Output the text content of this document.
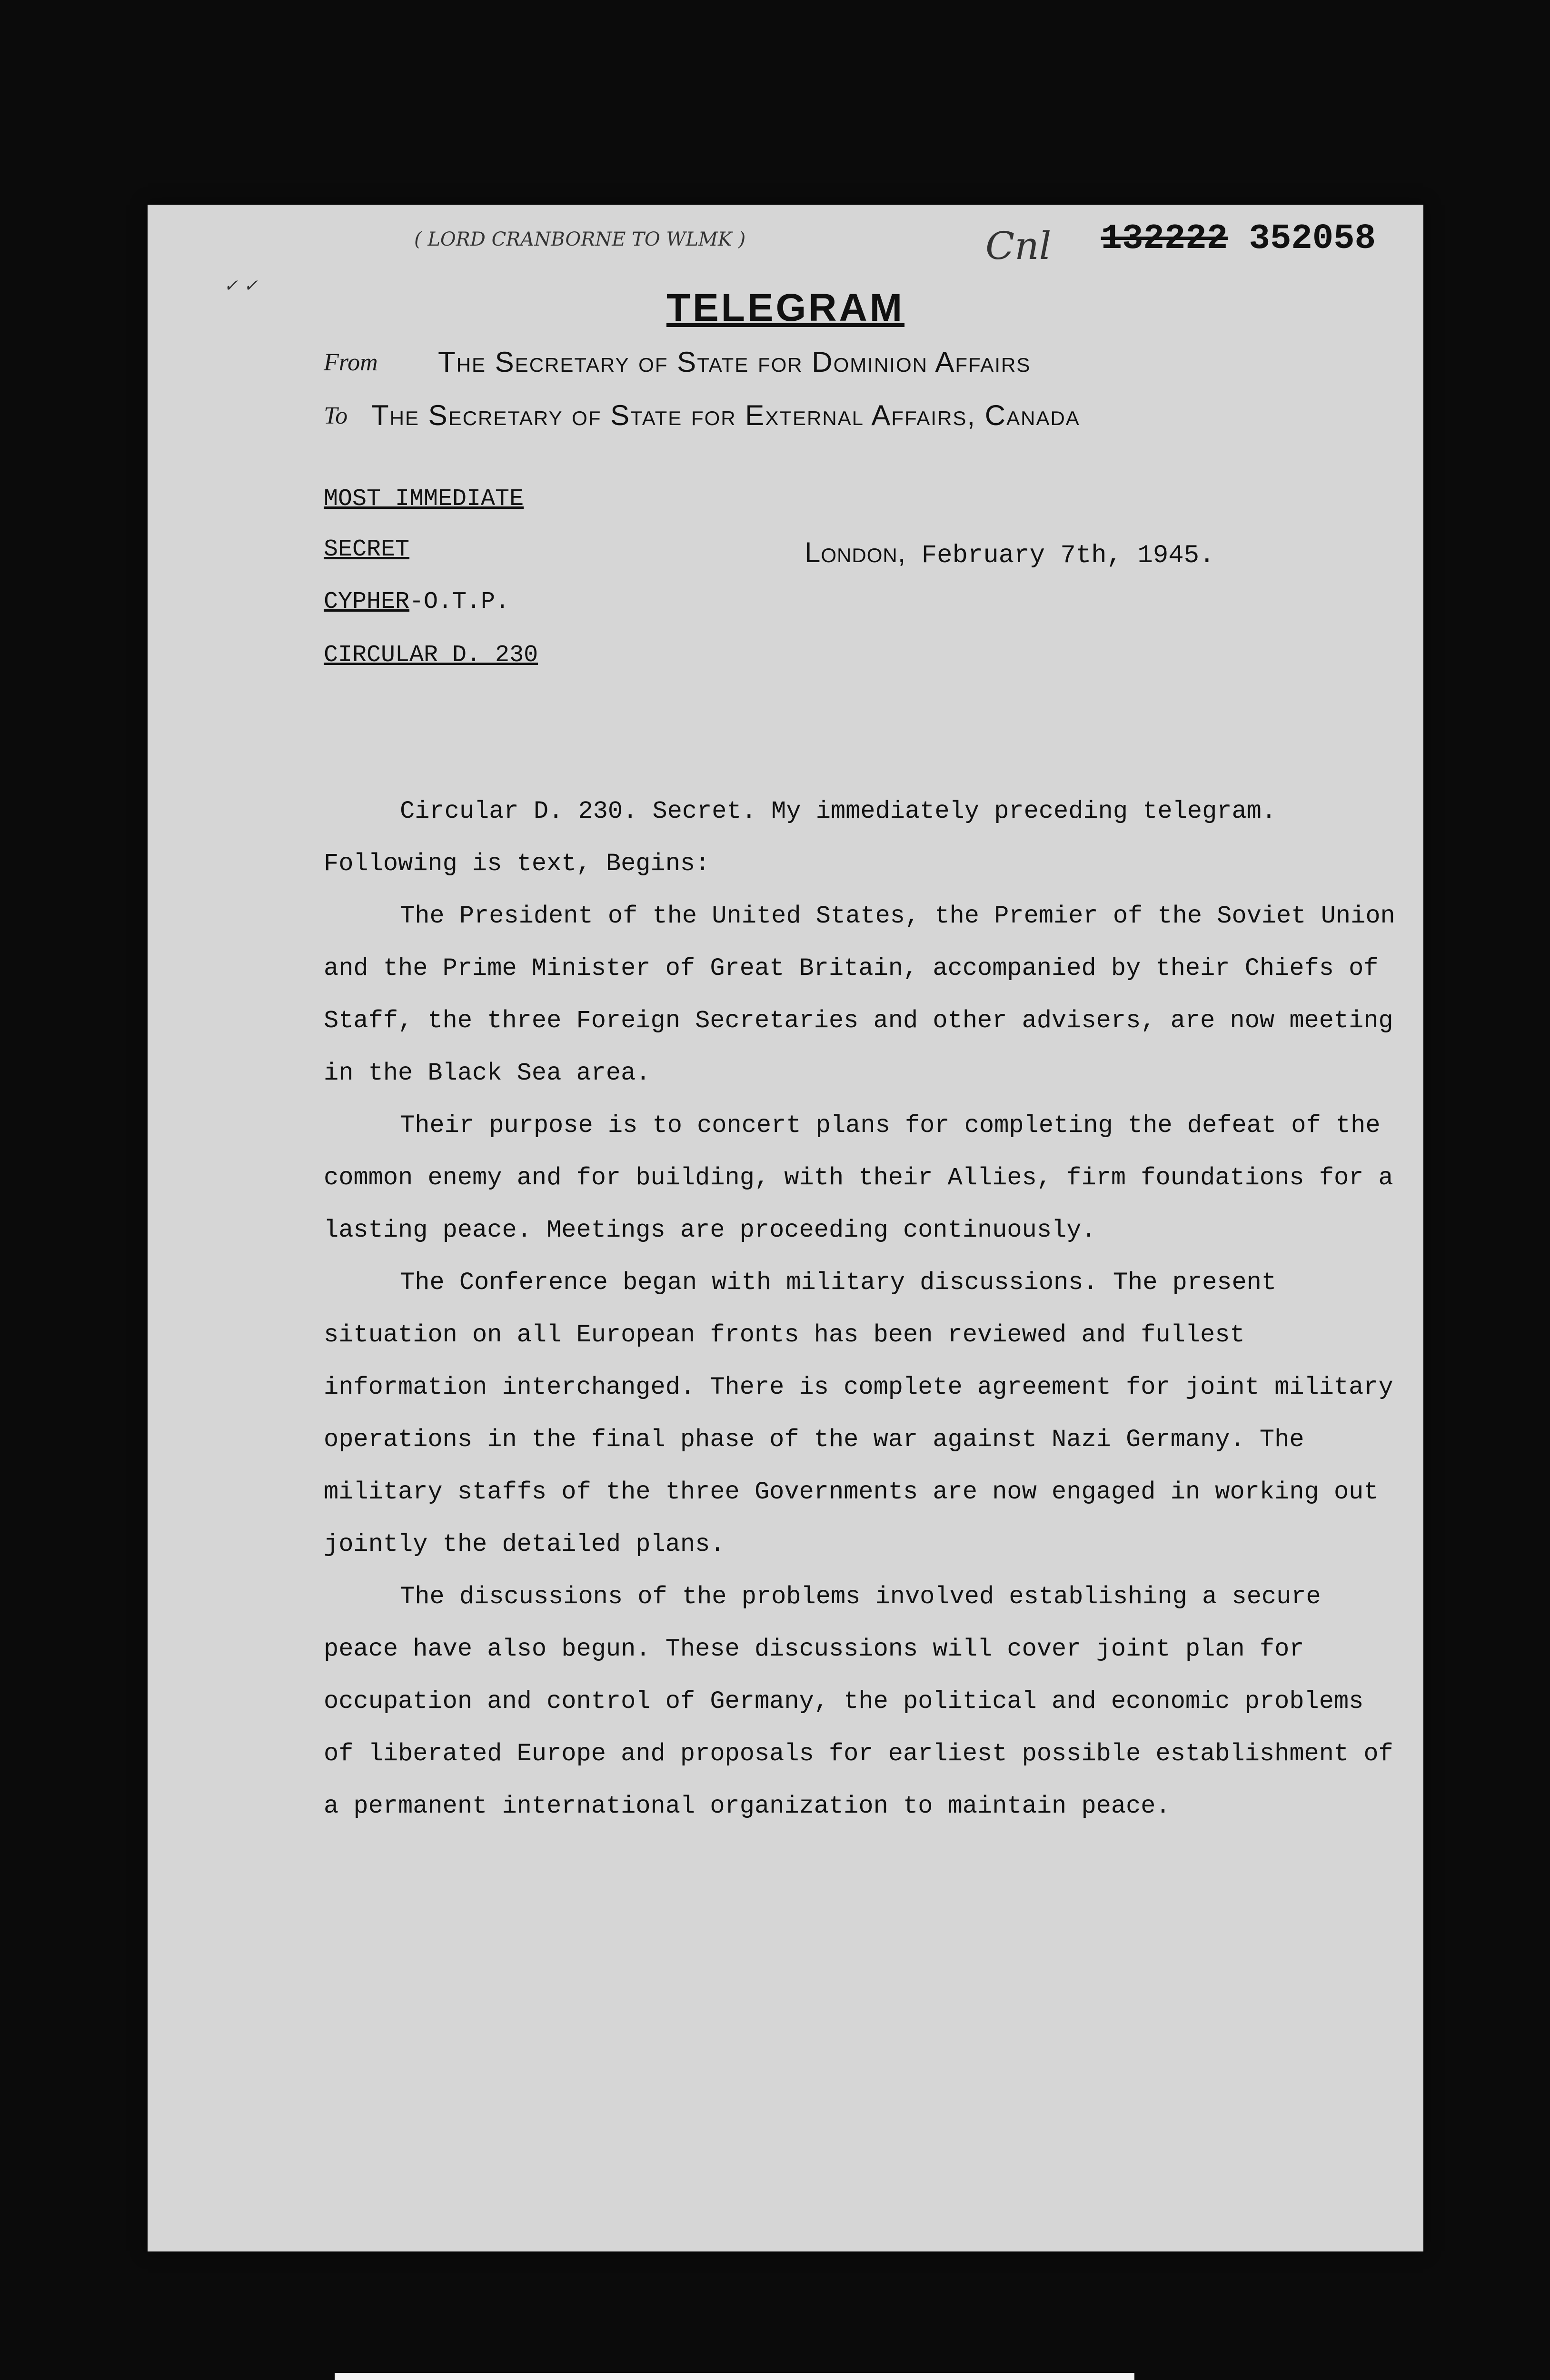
( LORD CRANBORNE TO WLMK )
✓ ✓
Cnl 132222 352058
TELEGRAM
From The Secretary of State for Dominion Affairs
To The Secretary of State for External Affairs, Canada
MOST IMMEDIATE
SECRET
CYPHER-O.T.P.
CIRCULAR D. 230
London, February 7th, 1945.

Circular D. 230. Secret. My immediately preceding telegram. Following is text, Begins:

The President of the United States, the Premier of the Soviet Union and the Prime Minister of Great Britain, accompanied by their Chiefs of Staff, the three Foreign Secretaries and other advisers, are now meeting in the Black Sea area.

Their purpose is to concert plans for completing the defeat of the common enemy and for building, with their Allies, firm foundations for a lasting peace. Meetings are proceeding continuously.

The Conference began with military discussions. The present situation on all European fronts has been reviewed and fullest information interchanged. There is complete agreement for joint military operations in the final phase of the war against Nazi Germany. The military staffs of the three Governments are now engaged in working out jointly the detailed plans.

The discussions of the problems involved establishing a secure peace have also begun. These discussions will cover joint plan for occupation and control of Germany, the political and economic problems of liberated Europe and proposals for earliest possible establishment of a permanent international organization to maintain peace.
